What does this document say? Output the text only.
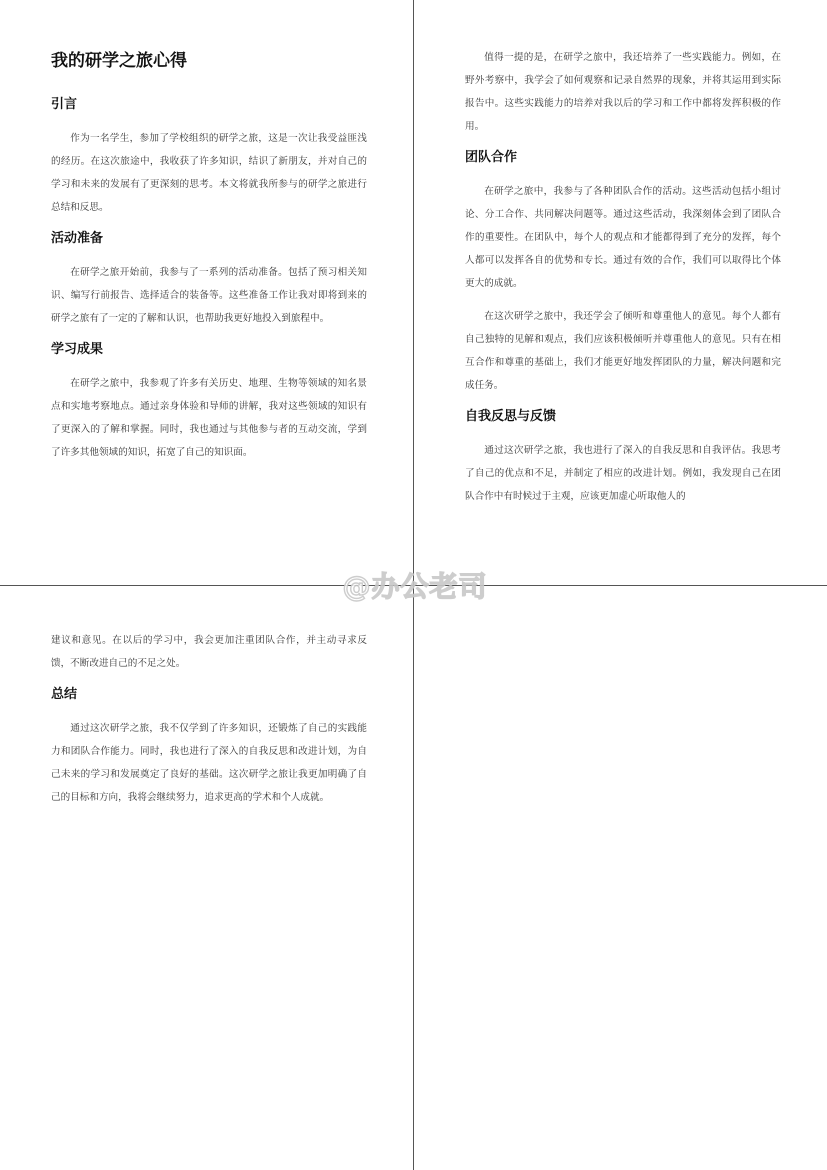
我的研学之旅心得
引言

作为一名学生，参加了学校组织的研学之旅，这是一次让我受益匪浅的经历。在这次旅途中，我收获了许多知识，结识了新朋友，并对自己的学习和未来的发展有了更深刻的思考。本文将就我所参与的研学之旅进行总结和反思。

活动准备

在研学之旅开始前，我参与了一系列的活动准备。包括了预习相关知识、编写行前报告、选择适合的装备等。这些准备工作让我对即将到来的研学之旅有了一定的了解和认识，也帮助我更好地投入到旅程中。

学习成果

在研学之旅中，我参观了许多有关历史、地理、生物等领域的知名景点和实地考察地点。通过亲身体验和导师的讲解，我对这些领域的知识有了更深入的了解和掌握。同时，我也通过与其他参与者的互动交流，学到了许多其他领域的知识，拓宽了自己的知识面。

值得一提的是，在研学之旅中，我还培养了一些实践能力。例如，在野外考察中，我学会了如何观察和记录自然界的现象，并将其运用到实际报告中。这些实践能力的培养对我以后的学习和工作中都将发挥积极的作用。

团队合作

在研学之旅中，我参与了各种团队合作的活动。这些活动包括小组讨论、分工合作、共同解决问题等。通过这些活动，我深刻体会到了团队合作的重要性。在团队中，每个人的观点和才能都得到了充分的发挥，每个人都可以发挥各自的优势和专长。通过有效的合作，我们可以取得比个体更大的成就。

在这次研学之旅中，我还学会了倾听和尊重他人的意见。每个人都有自己独特的见解和观点，我们应该积极倾听并尊重他人的意见。只有在相互合作和尊重的基础上，我们才能更好地发挥团队的力量，解决问题和完成任务。

自我反思与反馈

通过这次研学之旅，我也进行了深入的自我反思和自我评估。我思考了自己的优点和不足，并制定了相应的改进计划。例如，我发现自己在团队合作中有时候过于主观，应该更加虚心听取他人的

建议和意见。在以后的学习中，我会更加注重团队合作，并主动寻求反馈，不断改进自己的不足之处。

总结

通过这次研学之旅，我不仅学到了许多知识，还锻炼了自己的实践能力和团队合作能力。同时，我也进行了深入的自我反思和改进计划，为自己未来的学习和发展奠定了良好的基础。这次研学之旅让我更加明确了自己的目标和方向，我将会继续努力，追求更高的学术和个人成就。

@办公老司
